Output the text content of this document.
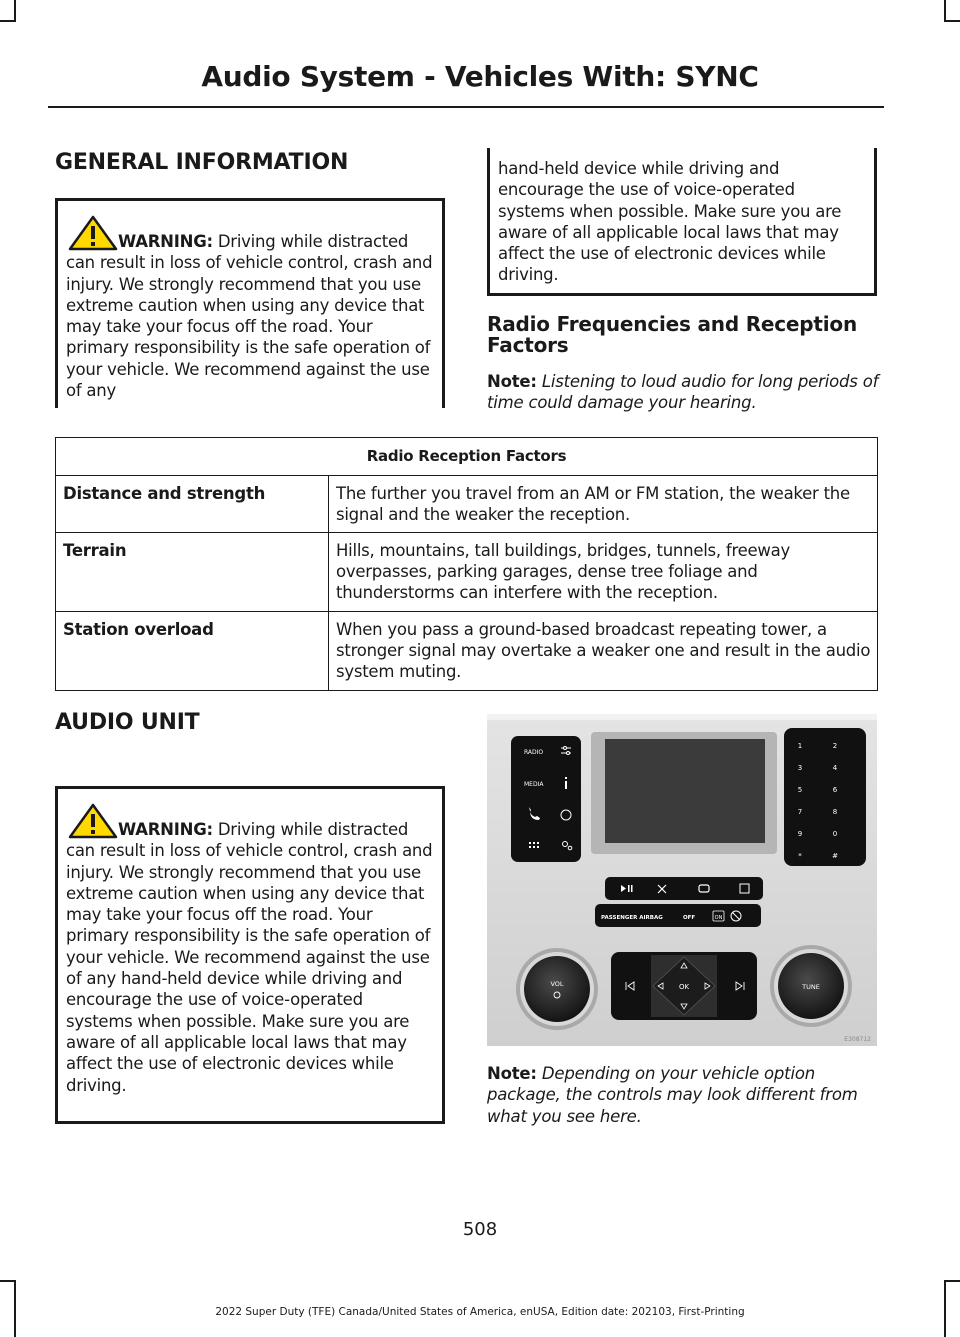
Audio System - Vehicles With: SYNC
GENERAL INFORMATION
WARNING: Driving while distracted can result in loss of vehicle control, crash and injury. We strongly recommend that you use extreme caution when using any device that may take your focus off the road. Your primary responsibility is the safe operation of your vehicle. We recommend against the use of any
hand-held device while driving and encourage the use of voice-operated systems when possible. Make sure you are aware of all applicable local laws that may affect the use of electronic devices while driving.
Radio Frequencies and Reception Factors
Note: Listening to loud audio for long periods of time could damage your hearing.
Radio Reception Factors	
Distance and strength	The further you travel from an AM or FM station, the weaker the signal and the weaker the reception.
Terrain	Hills, mountains, tall buildings, bridges, tunnels, freeway overpasses, parking garages, dense tree foliage and thunderstorms can interfere with the reception.
Station overload	When you pass a ground-based broadcast repeating tower, a stronger signal may overtake a weaker one and result in the audio system muting.
AUDIO UNIT
WARNING: Driving while distracted can result in loss of vehicle control, crash and injury. We strongly recommend that you use extreme caution when using any device that may take your focus off the road. Your primary responsibility is the safe operation of your vehicle. We recommend against the use of any hand-held device while driving and encourage the use of voice-operated systems when possible. Make sure you are aware of all applicable local laws that may affect the use of electronic devices while driving.
RADIO
MEDIA
1	2
3	4
5	6
7	8
9	0
*	#
PASSENGER AIRBAG	OFF	ON
VOL	TUNE
OK
E308712
Note: Depending on your vehicle option package, the controls may look different from what you see here.
508
2022 Super Duty (TFE) Canada/United States of America, enUSA, Edition date: 202103, First-Printing
